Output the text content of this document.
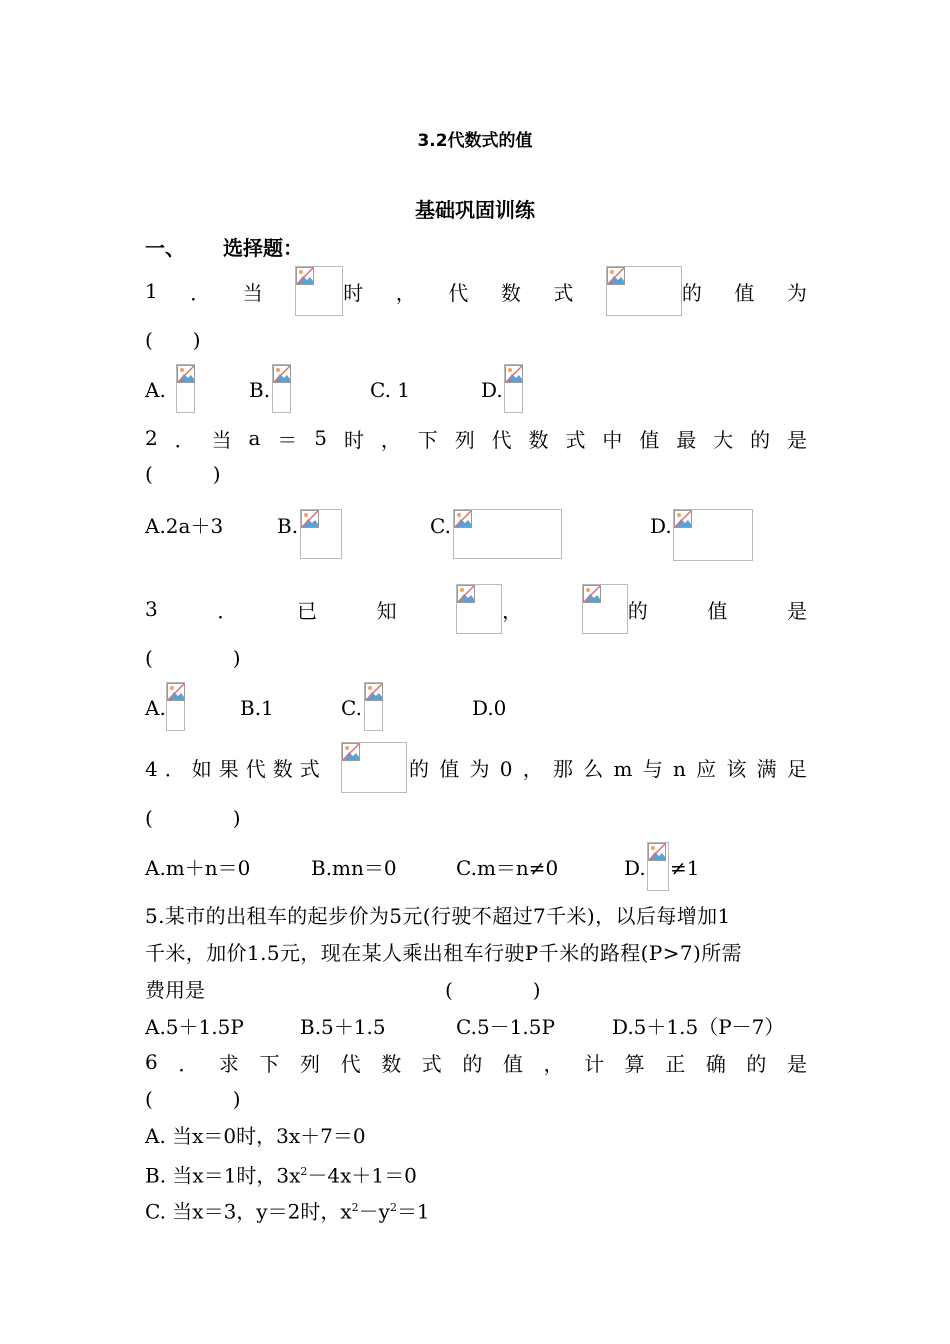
3.2代数式的值
基础巩固训练
一、 选择题：
1 ． 当	时 ， 代 数 式	的 值 为
(　　)
A.	B.	C. 1	D.
2 ． 当 a ＝ 5 时 ， 下 列 代 数 式 中 值 最 大 的 是
(　　　)
A.2a＋3	B.	C.	D.
3	．	已	知	，	的	值	是
(　　　　)
A.	B.1	C.	D.0
4．如果代数式	的 值 为 0 ， 那 么 m 与 n 应 该 满 足
(　　　　)
A.m＋n＝0	B.mn＝0	C.m＝n≠0	D. ≠1
5.某市的出租车的起步价为5元(行驶不超过7千米)，以后每增加1
千米，加价1.5元，现在某人乘出租车行驶P千米的路程(P>7)所需
费用是	(　　　　)
A.5＋1.5P	B.5＋1.5	C.5－1.5P	D.5＋1.5（P－7）
6 ． 求 下 列 代 数 式 的 值 ， 计 算 正 确 的 是
(　　　　)
A. 当x＝0时，3x＋7＝0
B. 当x＝1时，$3x^2-4x+1=0$
C. 当x＝3，y＝2时，$x^2-y^2=1$
